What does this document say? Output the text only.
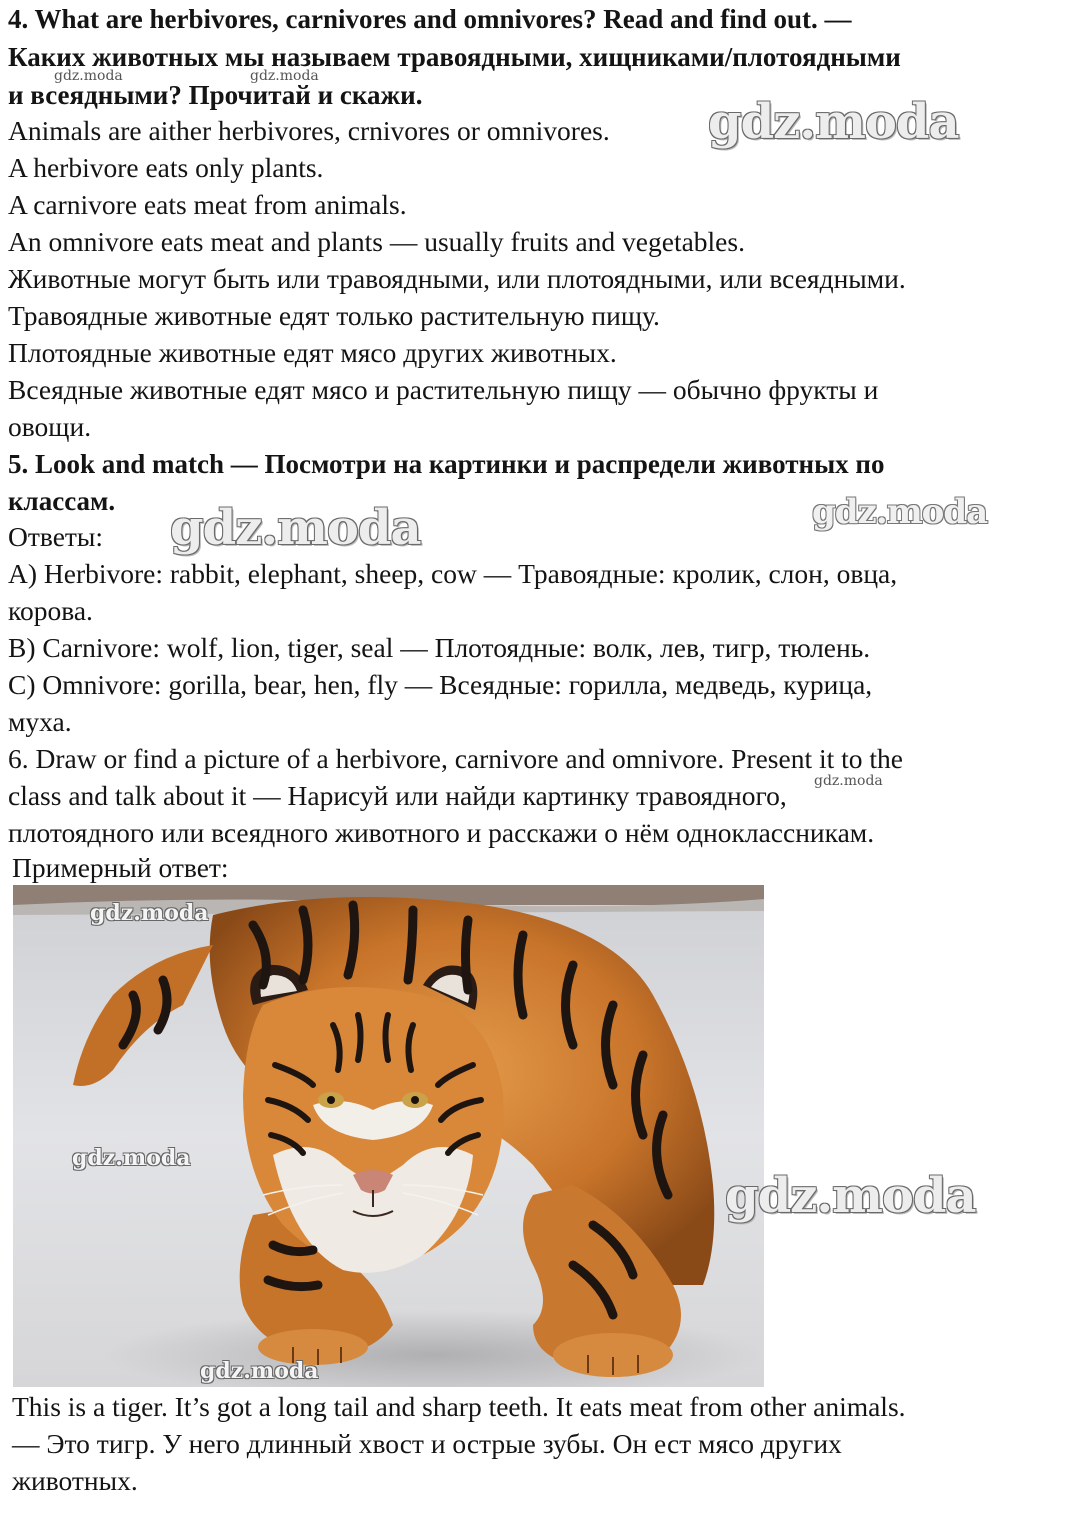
4. What are herbivores, carnivores and omnivores? Read and find out. —
Каких животных мы называем травоядными, хищниками/плотоядными
и всеядными? Прочитай и скажи.
Animals are aither herbivores, crnivores or omnivores.
A herbivore eats only plants.
A carnivore eats meat from animals.
An omnivore eats meat and plants — usually fruits and vegetables.
Животные могут быть или травоядными, или плотоядными, или всеядными.
Травоядные животные едят только растительную пищу.
Плотоядные животные едят мясо других животных.
Всеядные животные едят мясо и растительную пищу — обычно фрукты и
овощи.
5. Look and match — Посмотри на картинки и распредели животных по
классам.
Ответы:
A) Herbivore: rabbit, elephant, sheep, cow — Травоядные: кролик, слон, овца,
корова.
B) Carnivore: wolf, lion, tiger, seal — Плотоядные: волк, лев, тигр, тюлень.
C) Omnivore: gorilla, bear, hen, fly — Всеядные: горилла, медведь, курица,
муха.
6. Draw or find a picture of a herbivore, carnivore and omnivore. Present it to the
class and talk about it — Нарисуй или найди картинку травоядного,
плотоядного или всеядного животного и расскажи о нём одноклассникам.
Примерный ответ:
This is a tiger. It’s got a long tail and sharp teeth. It eats meat from other animals.
— Это тигр. У него длинный хвост и острые зубы. Он ест мясо других
животных.
gdz.moda	gdz.moda
gdz.moda
gdz.moda	gdz.moda
gdz.moda
gdz.moda
gdz.moda
gdz.moda
gdz.moda
